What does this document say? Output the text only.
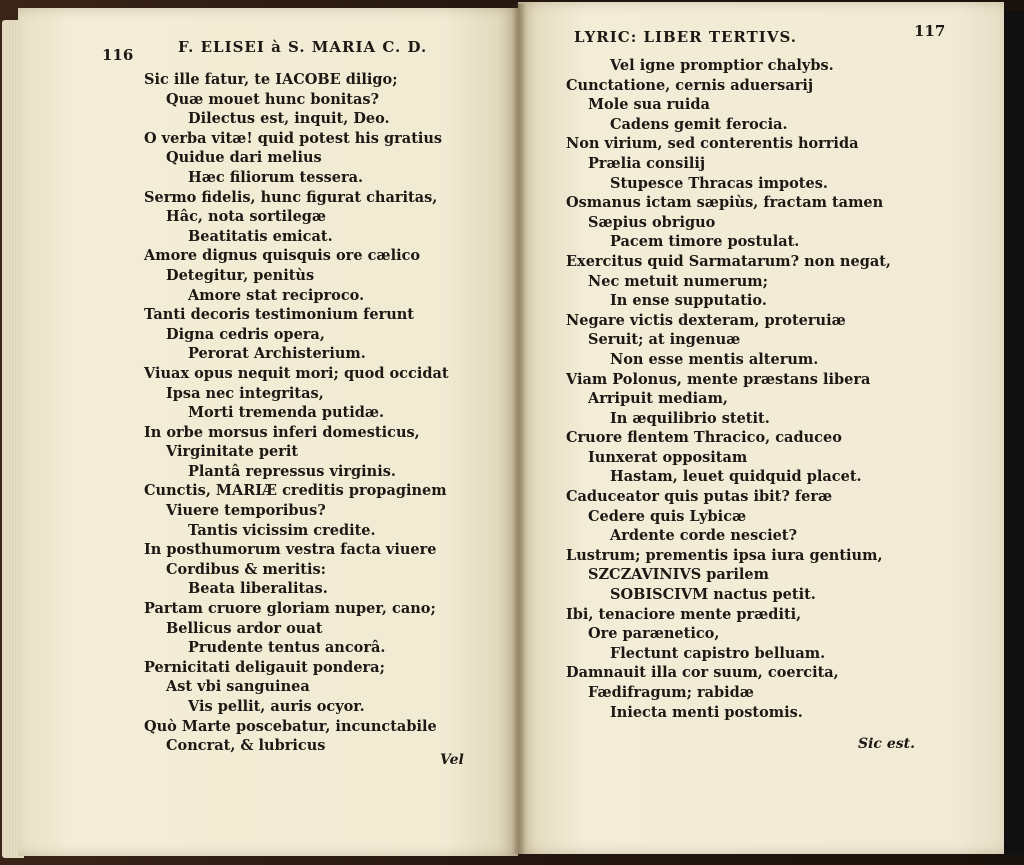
116	F. ELISEI à S. MARIA C. D.
Sic ille fatur, te IACOBE diligo;
Quæ mouet hunc bonitas?
Dilectus est, inquit, Deo.
O verba vitæ! quid potest his gratius
Quidue dari melius
Hæc filiorum tessera.
Sermo fidelis, hunc figurat charitas,
Hâc, nota sortilegæ
Beatitatis emicat.
Amore dignus quisquis ore cælico
Detegitur, penitùs
Amore stat reciproco.
Tanti decoris testimonium ferunt
Digna cedris opera,
Perorat Archisterium.
Viuax opus nequit mori; quod occidat
Ipsa nec integritas,
Morti tremenda putidæ.
In orbe morsus inferi domesticus,
Virginitate perit
Plantâ repressus virginis.
Cunctis, MARIÆ creditis propaginem
Viuere temporibus?
Tantis vicissim credite.
In posthumorum vestra facta viuere
Cordibus & meritis:
Beata liberalitas.
Partam cruore gloriam nuper, cano;
Bellicus ardor ouat
Prudente tentus ancorâ.
Pernicitati deligauit pondera;
Ast vbi sanguinea
Vis pellit, auris ocyor.
Quò Marte poscebatur, incunctabile
Concrat, & lubricus
Vel
LYRIC: LIBER TERTIVS.	117
Vel igne promptior chalybs.
Cunctatione, cernis aduersarij
Mole sua ruida
Cadens gemit ferocia.
Non virium, sed conterentis horrida
Prælia consilij
Stupesce Thracas impotes.
Osmanus ictam sæpiùs, fractam tamen
Sæpius obriguo
Pacem timore postulat.
Exercitus quid Sarmatarum? non negat,
Nec metuit numerum;
In ense supputatio.
Negare victis dexteram, proteruiæ
Seruit; at ingenuæ
Non esse mentis alterum.
Viam Polonus, mente præstans libera
Arripuit mediam,
In æquilibrio stetit.
Cruore flentem Thracico, caduceo
Iunxerat oppositam
Hastam, leuet quidquid placet.
Caduceator quis putas ibit? feræ
Cedere quis Lybicæ
Ardente corde nesciet?
Lustrum; prementis ipsa iura gentium,
SZCZAVINIVS parilem
SOBISCIVM nactus petit.
Ibi, tenaciore mente præditi,
Ore parænetico,
Flectunt capistro belluam.
Damnauit illa cor suum, coercita,
Fædifragum; rabidæ
Iniecta menti postomis.
Sic est.
